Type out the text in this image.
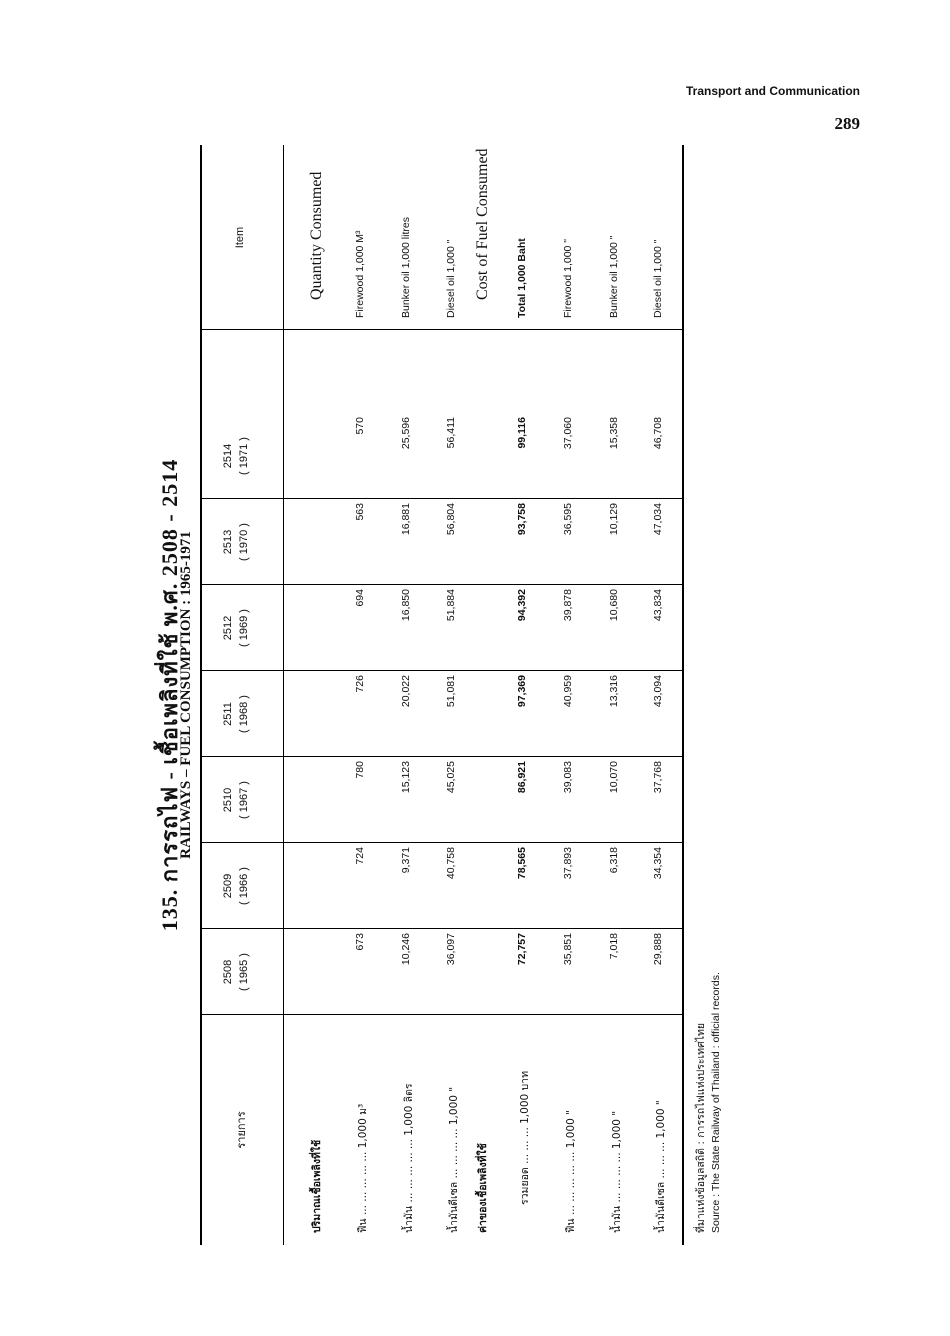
Transport and Communication
289
135. การรถไฟ - เชื้อเพลิงที่ใช้ พ.ศ. 2508 - 2514
RAILWAYS – FUEL CONSUMPTION : 1965-1971
รายการ
Item
2508 ( 1965 )
2509 ( 1966 )
2510 ( 1967 )
2511 ( 1968 )
2512 ( 1969 )
2513 ( 1970 )
2514 ( 1971 )
ปริมาณเชื้อเพลิงที่ใช้
Quantity Consumed
ฟืน ... ... ... ... ... 1,000 ม³
673
724
780
726
694
563
570
Firewood 1,000 M³
น้ำมัน ... ... ... ... ... 1,000 ลิตร
10,246
9,371
15,123
20,022
16,850
16,881
25,596
Bunker oil 1,000 litres
น้ำมันดีเซล ... ... ... ... 1,000 "
36,097
40,758
45,025
51,081
51,884
56,804
56,411
Diesel oil 1,000 "
ค่าของเชื้อเพลิงที่ใช้
Cost of Fuel Consumed
รวมยอด ... ... ... 1,000 บาท
72,757
78,565
86,921
97,369
94,392
93,758
99,116
Total 1,000 Baht
ฟืน ... ... ... ... ... 1,000 "
35,851
37,893
39,083
40,959
39,878
36,595
37,060
Firewood 1,000 "
น้ำมัน ... ... ... ... 1,000 "
7,018
6,318
10,070
13,316
10,680
10,129
15,358
Bunker oil 1,000 "
น้ำมันดีเซล ... ... ... 1,000 "
29,888
34,354
37,768
43,094
43,834
47,034
46,708
Diesel oil 1,000 "
ที่มาแห่งข้อมูลสถิติ : การรถไฟแห่งประเทศไทย Source : The State Railway of Thailand : official records.
